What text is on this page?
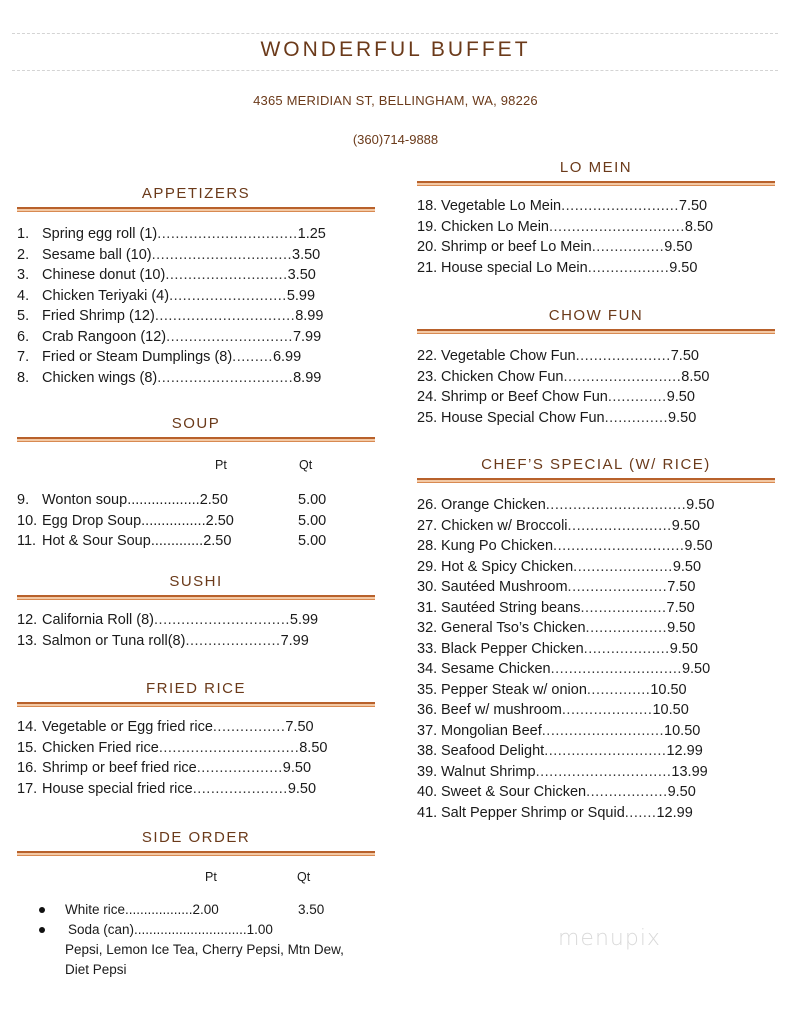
WONDERFUL BUFFET
4365 MERIDIAN ST, BELLINGHAM, WA, 98226
(360)714-9888
APPETIZERS
1. Spring egg roll (1) ............................... 1.25
2. Sesame ball (10) ............................... 3.50
3. Chinese donut (10) ........................... 3.50
4. Chicken Teriyaki (4) .......................... 5.99
5. Fried Shrimp (12) ............................... 8.99
6. Crab Rangoon (12) ............................ 7.99
7. Fried or Steam Dumplings (8) ......... 6.99
8. Chicken wings (8) .............................. 8.99
SOUP
Pt	Qt
9. Wonton soup..................2.50	5.00
10. Egg Drop Soup................2.50	5.00
11. Hot & Sour Soup.............2.50	5.00
SUSHI
12. California Roll (8) .............................. 5.99
13. Salmon or Tuna roll(8) ..................... 7.99
FRIED RICE
14. Vegetable or Egg fried rice ................ 7.50
15. Chicken Fried rice ............................... 8.50
16. Shrimp or beef fried rice ................... 9.50
17. House special fried rice ..................... 9.50
SIDE ORDER
Pt	Qt
White rice..................2.00	3.50
Soda (can)..............................1.00
Pepsi, Lemon Ice Tea, Cherry Pepsi, Mtn Dew, Diet Pepsi
LO MEIN
18. Vegetable Lo Mein .......................... 7.50
19. Chicken Lo Mein .............................. 8.50
20. Shrimp or beef Lo Mein ................ 9.50
21. House special Lo Mein .................. 9.50
CHOW FUN
22. Vegetable Chow Fun ..................... 7.50
23. Chicken Chow Fun .......................... 8.50
24. Shrimp or Beef Chow Fun ............. 9.50
25. House Special Chow Fun .............. 9.50
CHEF’S SPECIAL (W/ RICE)
26. Orange Chicken ............................... 9.50
27. Chicken w/ Broccoli ....................... 9.50
28. Kung Po Chicken ............................. 9.50
29. Hot & Spicy Chicken ...................... 9.50
30. Sautéed Mushroom ...................... 7.50
31. Sautéed String beans ................... 7.50
32. General Tso’s Chicken .................. 9.50
33. Black Pepper Chicken ................... 9.50
34. Sesame Chicken ............................. 9.50
35. Pepper Steak w/ onion .............. 10.50
36. Beef w/ mushroom .................... 10.50
37. Mongolian Beef ........................... 10.50
38. Seafood Delight ........................... 12.99
39. Walnut Shrimp .............................. 13.99
40. Sweet & Sour Chicken .................. 9.50
41. Salt Pepper Shrimp or Squid ....... 12.99
menupix
